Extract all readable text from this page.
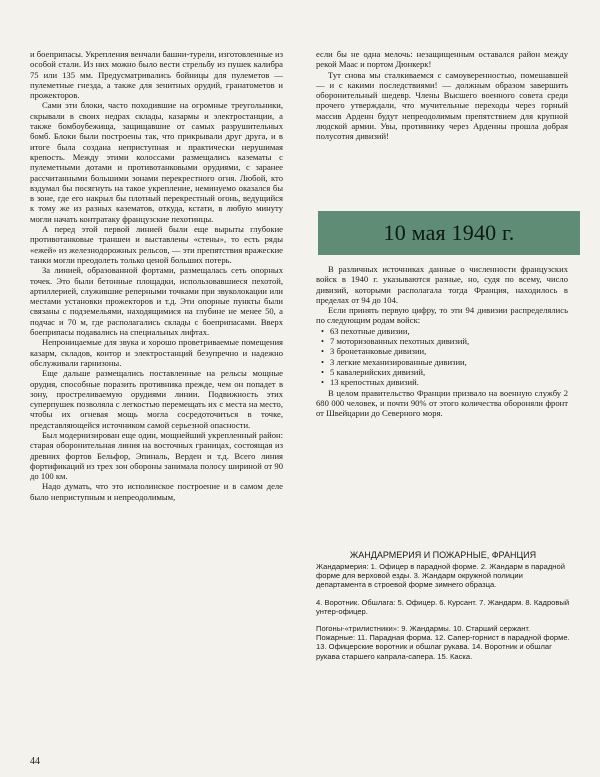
и боеприпасы. Укрепления венчали башни-турели, изготовленные из особой стали. Из них можно было вести стрельбу из пушек калибра 75 или 135 мм. Предусматривались бойницы для пулеметов — пулеметные гнезда, а также для зенитных орудий, гранатометов и прожекторов.

Сами эти блоки, часто походившие на огромные треугольники, скрывали в своих недрах склады, казармы и электростанции, а также бомбоубежища, защищавшие от самых разрушительных бомб. Блоки были построены так, что прикрывали друг друга, и в итоге была создана неприступная и практически нерушимая крепость. Между этими колоссами размещались казематы с пулеметными дотами и противотанковыми орудиями, с заранее рассчитанными большими зонами перекрестного огня. Любой, кто вздумал бы посягнуть на такое укрепление, неминуемо оказался бы в зоне, где его накрыл бы плотный перекрестный огонь, ведущийся к тому же из разных казематов, откуда, кстати, в любую минуту могли начать контратаку французские пехотинцы.

А перед этой первой линией были еще вырыты глубокие противотанковые траншеи и выставлены «стены», то есть ряды «ежей» из железнодорожных рельсов, — эти препятствия вражеские танки могли преодолеть только ценой больших потерь.

За линией, образованной фортами, размещалась сеть опорных точек. Это были бетонные площадки, использовавшиеся пехотой, артиллерией, служившие реперными точками при звуколокации или местами установки прожекторов и т.д. Эти опорные пункты были связаны с подземельями, находящимися на глубине не менее 50, а подчас и 70 м, где располагались склады с боеприпасами. Вверх боеприпасы подавались на специальных лифтах.

Непроницаемые для звука и хорошо проветриваемые помещения казарм, складов, контор и электростанций безупречно и надежно обслуживали гарнизоны.

Еще дальше размещались поставленные на рельсы мощные орудия, способные поразить противника прежде, чем он попадет в зону, простреливаемую орудиями линии. Подвижность этих суперпушек позволяла с легкостью перемещать их с места на место, чтобы их огневая мощь могла сосредоточиться в точке, представляющейся источником самой серьезной опасности.

Был модернизирован еще один, мощнейший укрепленный район: старая оборонительная линия на восточных границах, состоящая из древних фортов Бельфор, Эпиналь, Верден и т.д. Всего линия фортификаций из трех зон обороны занимала полосу шириной от 90 до 100 км.

Надо думать, что это исполинское построение и в самом деле было неприступным и непреодолимым,

если бы не одна мелочь: незащищенным оставался район между рекой Маас и портом Дюнкерк!

Тут снова мы сталкиваемся с самоуверенностью, помешавшей — и с какими последствиями! — должным образом завершить оборонительный шедевр. Члены Высшего военного совета среди прочего утверждали, что мучительные переходы через горный массив Арденн будут непреодолимым препятствием для крупной людской армии. Увы, противнику через Арденны прошла добрая полусотня дивизий!

10 мая 1940 г.

В различных источниках данные о численности французских войск в 1940 г. указываются разные, но, судя по всему, число дивизий, которыми располагала тогда Франция, находилось в пределах от 94 до 104.

Если принять первую цифру, то эти 94 дивизии распределялись по следующим родам войск:

• 63 пехотные дивизии,
• 7 моторизованных пехотных дивизий,
• 3 бронетанковые дивизии,
• 3 легкие механизированные дивизии,
• 5 кавалерийских дивизий,
• 13 крепостных дивизий.

В целом правительство Франции призвало на военную службу 2 680 000 человек, и почти 90% от этого количества обороняли фронт от Швейцарии до Северного моря.

ЖАНДАРМЕРИЯ И ПОЖАРНЫЕ, ФРАНЦИЯ

Жандармерия: 1. Офицер в парадной форме. 2. Жандарм в парадной форме для верховой езды. 3. Жандарм окружной полиции департамента в строевой форме зимнего образца.

4. Воротник. Обшлага: 5. Офицер. 6. Курсант. 7. Жандарм. 8. Кадровый унтер-офицер.

Погоны-«трилистники»: 9. Жандармы. 10. Старший сержант. Пожарные: 11. Парадная форма. 12. Сапер-горнист в парадной форме. 13. Офицерские воротник и обшлаг рукава. 14. Воротник и обшлаг рукава старшего капрала-сапера. 15. Каска.

44
